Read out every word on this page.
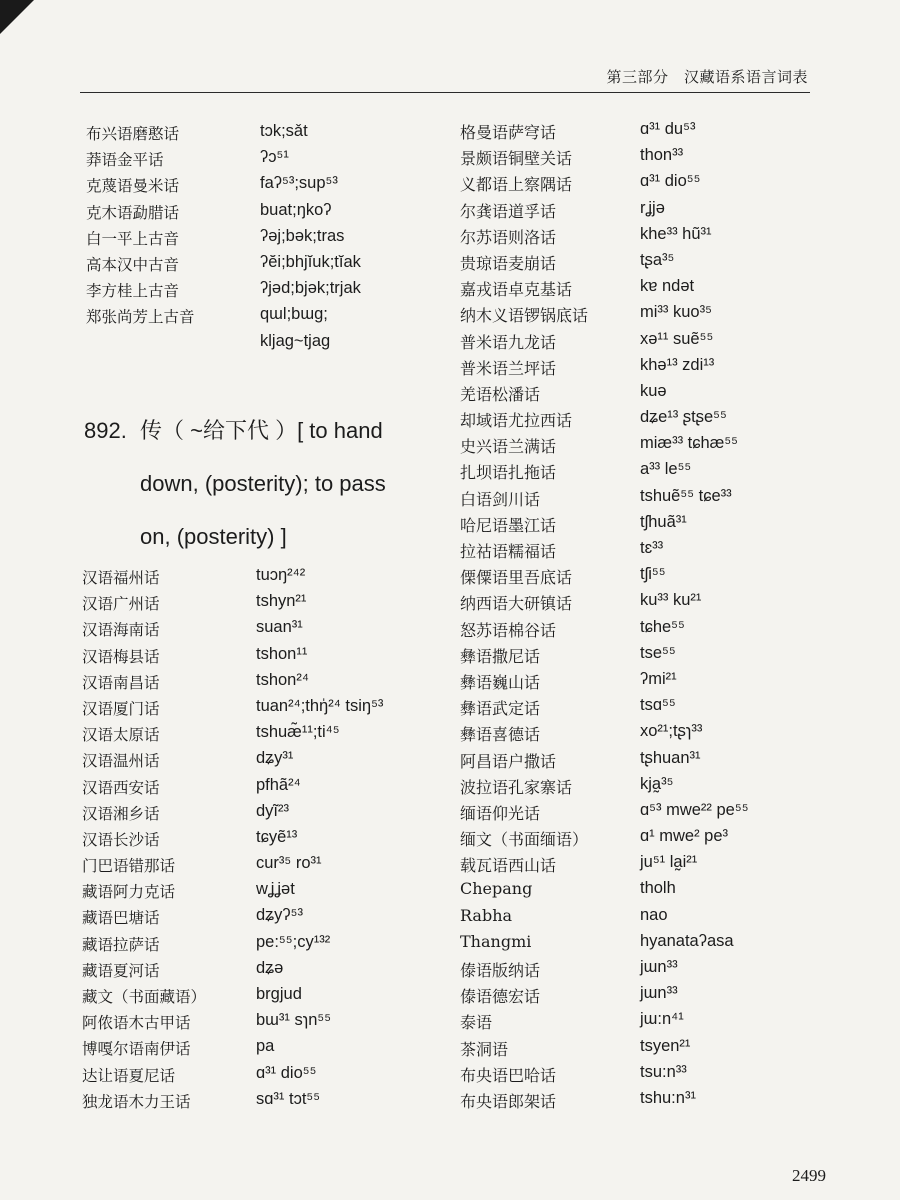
第三部分　汉藏语系语言词表
布兴语磨憨话	tɔk;sǎt
莽语金平话	ʔɔ⁵¹
克蔑语曼米话	faʔ⁵³;sup⁵³
克木语勐腊话	buat;ŋkoʔ
白一平上古音	ʔəj;bək;tras
高本汉中古音	ʔĕi;bhjĭuk;tĭak
李方桂上古音	ʔjəd;bjək;trjak
郑张尚芳上古音	qɯl;bɯɡ;
kljag~tjag
892. 传（ ~给下代 ）[ to hand
down, (posterity); to pass
on, (posterity) ]
汉语福州话	tuɔŋ²⁴²
汉语广州话	tshyn²¹
汉语海南话	suan³¹
汉语梅县话	tshon¹¹
汉语南昌话	tshon²⁴
汉语厦门话	tuan²⁴;thŋ̍²⁴ tsiŋ⁵³
汉语太原话	tshuæ̃¹¹;ti⁴⁵
汉语温州话	dʑy³¹
汉语西安话	pfhã²⁴
汉语湘乡话	dyĩ²³
汉语长沙话	tɕyẽ¹³
门巴语错那话	cur³⁵ ro³¹
藏语阿力克话	wʝʝət
藏语巴塘话	dʑyʔ⁵³
藏语拉萨话	pe:⁵⁵;cy¹³²
藏语夏河话	dʑə
藏文（书面藏语）	brgjud
阿侬语木古甲话	bɯ³¹ sɿn⁵⁵
博嘎尔语南伊话	pa
达让语夏尼话	ɑ³¹ dio⁵⁵
独龙语木力王话	sɑ³¹ tɔt⁵⁵
格曼语萨穹话	ɑ³¹ du⁵³
景颇语铜壁关话	thon³³
义都语上察隅话	ɑ³¹ dio⁵⁵
尔龚语道孚话	rʝjə
尔苏语则洛话	khe³³ hũ³¹
贵琼语麦崩话	tʂa³⁵
嘉戎语卓克基话	kɐ ndət
纳木义语锣锅底话	mi³³ kuo³⁵
普米语九龙话	xə¹¹ suẽ⁵⁵
普米语兰坪话	khə¹³ zdi¹³
羌语松潘话	kuə
却域语尤拉西话	dʑe¹³ ʂtʂe⁵⁵
史兴语兰满话	miæ³³ tɕhæ⁵⁵
扎坝语扎拖话	a³³ le⁵⁵
白语剑川话	tshuẽ⁵⁵ tɕe³³
哈尼语墨江话	tʃhuã³¹
拉祜语糯福话	tɛ³³
傈僳语里吾底话	tʃi⁵⁵
纳西语大研镇话	ku³³ ku²¹
怒苏语棉谷话	tɕhe⁵⁵
彝语撒尼话	tse⁵⁵
彝语巍山话	ʔmi²¹
彝语武定话	tsɑ⁵⁵
彝语喜德话	xo²¹;tʂɿ³³
阿昌语户撒话	tʂhuan³¹
波拉语孔家寨话	kja̰³⁵
缅语仰光话	ɑ⁵³ mwe²² pe⁵⁵
缅文（书面缅语）	ɑ¹ mwe² pe³
载瓦语西山话	ju⁵¹ la̰i²¹
Chepang	tholh
Rabha	nao
Thangmi	hyanataʔasa
傣语版纳话	jɯn³³
傣语德宏话	jɯn³³
泰语	jɯ:n⁴¹
茶洞语	tsyen²¹
布央语巴哈话	tsu:n³³
布央语郎架话	tshu:n³¹
2499
